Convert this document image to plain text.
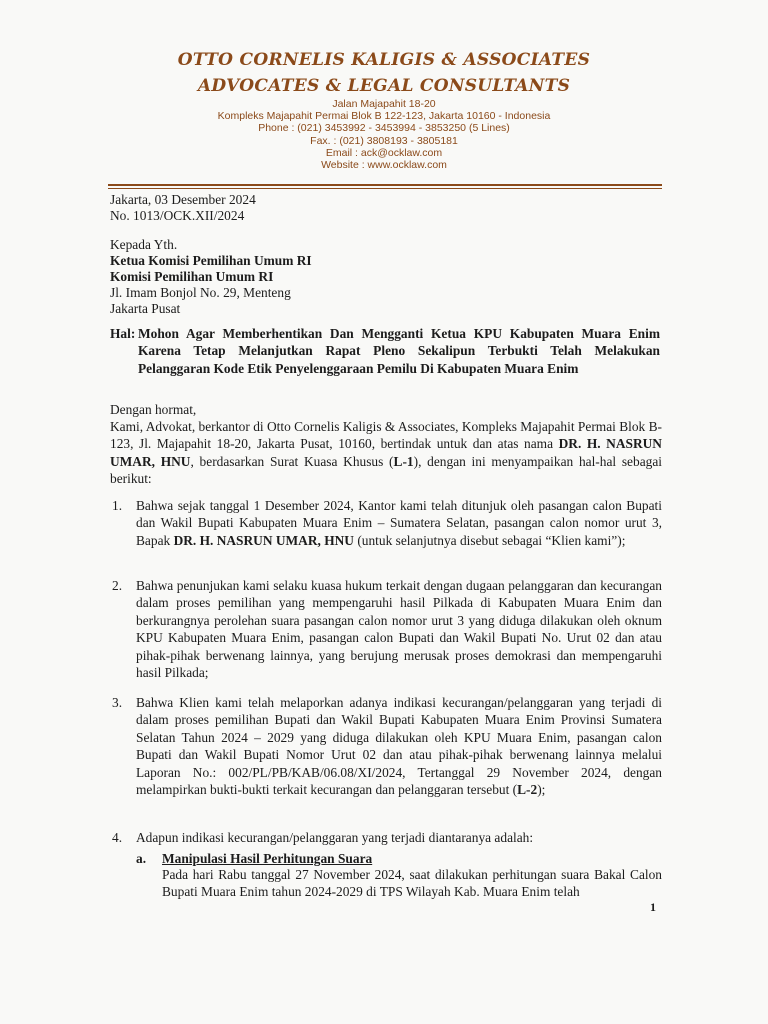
OTTO CORNELIS KALIGIS & ASSOCIATES
ADVOCATES & LEGAL CONSULTANTS
Jalan Majapahit 18-20
Kompleks Majapahit Permai Blok B 122-123, Jakarta 10160 - Indonesia
Phone : (021) 3453992 - 3453994 - 3853250 (5 Lines)
Fax. : (021) 3808193 - 3805181
Email : ack@ocklaw.com
Website : www.ocklaw.com
Jakarta, 03 Desember 2024
No. 1013/OCK.XII/2024
Kepada Yth.
Ketua Komisi Pemilihan Umum RI
Komisi Pemilihan Umum RI
Jl. Imam Bonjol No. 29, Menteng
Jakarta Pusat
Hal: Mohon Agar Memberhentikan Dan Mengganti Ketua KPU Kabupaten Muara Enim Karena Tetap Melanjutkan Rapat Pleno Sekalipun Terbukti Telah Melakukan Pelanggaran Kode Etik Penyelenggaraan Pemilu Di Kabupaten Muara Enim
Dengan hormat,
Kami, Advokat, berkantor di Otto Cornelis Kaligis & Associates, Kompleks Majapahit Permai Blok B-123, Jl. Majapahit 18-20, Jakarta Pusat, 10160, bertindak untuk dan atas nama DR. H. NASRUN UMAR, HNU, berdasarkan Surat Kuasa Khusus (L-1), dengan ini menyampaikan hal-hal sebagai berikut:
1. Bahwa sejak tanggal 1 Desember 2024, Kantor kami telah ditunjuk oleh pasangan calon Bupati dan Wakil Bupati Kabupaten Muara Enim – Sumatera Selatan, pasangan calon nomor urut 3, Bapak DR. H. NASRUN UMAR, HNU (untuk selanjutnya disebut sebagai “Klien kami”);
2. Bahwa penunjukan kami selaku kuasa hukum terkait dengan dugaan pelanggaran dan kecurangan dalam proses pemilihan yang mempengaruhi hasil Pilkada di Kabupaten Muara Enim dan berkurangnya perolehan suara pasangan calon nomor urut 3 yang diduga dilakukan oleh oknum KPU Kabupaten Muara Enim, pasangan calon Bupati dan Wakil Bupati No. Urut 02 dan atau pihak-pihak berwenang lainnya, yang berujung merusak proses demokrasi dan mempengaruhi hasil Pilkada;
3. Bahwa Klien kami telah melaporkan adanya indikasi kecurangan/pelanggaran yang terjadi di dalam proses pemilihan Bupati dan Wakil Bupati Kabupaten Muara Enim Provinsi Sumatera Selatan Tahun 2024 – 2029 yang diduga dilakukan oleh KPU Muara Enim, pasangan calon Bupati dan Wakil Bupati Nomor Urut 02 dan atau pihak-pihak berwenang lainnya melalui Laporan No.: 002/PL/PB/KAB/06.08/XI/2024, Tertanggal 29 November 2024, dengan melampirkan bukti-bukti terkait kecurangan dan pelanggaran tersebut (L-2);
4. Adapun indikasi kecurangan/pelanggaran yang terjadi diantaranya adalah:
a. Manipulasi Hasil Perhitungan Suara
Pada hari Rabu tanggal 27 November 2024, saat dilakukan perhitungan suara Bakal Calon Bupati Muara Enim tahun 2024-2029 di TPS Wilayah Kab. Muara Enim telah
1
